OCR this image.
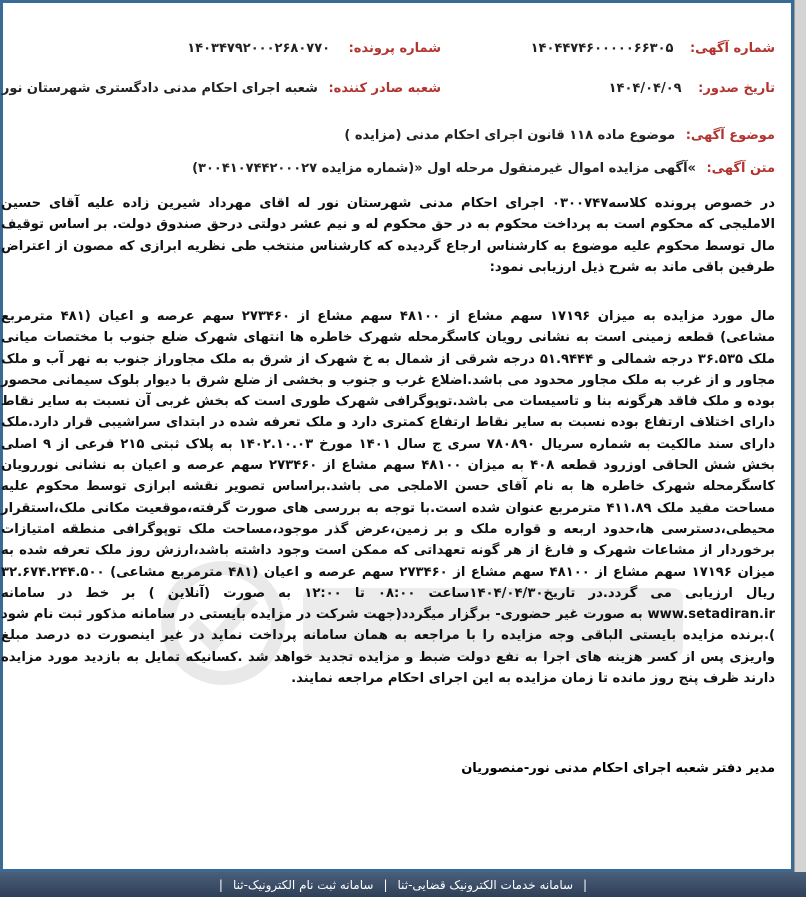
شماره آگهی: ۱۴۰۴۴۷۴۶۰۰۰۰۰۶۶۳۰۵
شماره پرونده: ۱۴۰۳۴۷۹۲۰۰۰۲۶۸۰۷۷۰
تاریخ صدور: ۱۴۰۴/۰۴/۰۹
شعبه صادر کننده: شعبه اجرای احکام مدنی دادگستری شهرستان نور
موضوع آگهی: موضوع ماده ۱۱۸ قانون اجرای احکام مدنی (مزایده )
متن آگهی: »آگهی مزایده اموال غیرمنقول مرحله اول «(شماره مزایده ۳۰۰۴۱۰۷۴۴۲۰۰۰۲۷)
در خصوص پرونده کلاسه۰۳۰۰۷۴۷ اجرای احکام مدنی شهرستان نور له اقای مهرداد شیرین زاده علیه آقای حسین الاملیجی که محکوم است به پرداخت محکوم به در حق محکوم له و نیم عشر دولتی درحق صندوق دولت. بر اساس توقیف مال توسط محکوم علیه موضوع به کارشناس ارجاع گردیده که کارشناس منتخب طی نظریه ابرازی که مصون از اعتراض طرفین باقی ماند به شرح ذیل ارزیابی نمود:
مال مورد مزایده به میزان ۱۷۱۹۶ سهم مشاع از ۴۸۱۰۰ سهم مشاع از ۲۷۳۴۶۰ سهم عرصه و اعیان (۴۸۱ مترمربع مشاعی) قطعه زمینی است به نشانی رویان کاسگرمحله شهرک خاطره ها انتهای شهرک ضلع جنوب با مختصات میانی ملک ۳۶.۵۳۵ درجه شمالی و ۵۱.۹۴۴۴ درجه شرقی از شمال به خ شهرک از شرق به ملک مجاوراز جنوب به نهر آب و ملک مجاور و از غرب به ملک مجاور محدود می باشد.اضلاع غرب و جنوب و بخشی از ضلع شرق با دیوار بلوک سیمانی محصور بوده و ملک فاقد هرگونه بنا و تاسیسات می باشد.توپوگرافی شهرک طوری است که بخش غربی آن نسبت به سایر نقاط دارای اختلاف ارتفاع بوده نسبت به سایر نقاط ارتفاع کمتری دارد و ملک تعرفه شده در ابتدای سراشیبی قرار دارد.ملک دارای سند مالکیت به شماره سریال ۷۸۰۸۹۰ سری ج سال ۱۴۰۱ مورخ ۱۴۰۲.۱۰.۰۳ به پلاک ثبتی ۲۱۵ فرعی از ۹ اصلی بخش شش الحاقی اوزرود قطعه ۴۰۸ به میزان ۴۸۱۰۰ سهم مشاع از ۲۷۳۴۶۰ سهم عرصه و اعیان به نشانی نوررویان کاسگرمحله شهرک خاطره ها به نام آقای حسن الاملجی می باشد.براساس تصویر نقشه ابرازی توسط محکوم علیه مساحت مفید ملک ۴۱۱.۸۹ مترمربع عنوان شده است.با توجه به بررسی های صورت گرفته،موقعیت مکانی ملک،استقرار محیطی،دسترسی ها،حدود اربعه و قواره ملک و بر زمین،عرض گذر موجود،مساحت ملک توپوگرافی منطقه امتیازات برخوردار از مشاعات شهرک و فارغ از هر گونه تعهداتی که ممکن است وجود داشته باشد،ارزش روز ملک تعرفه شده به میزان ۱۷۱۹۶ سهم مشاع از ۴۸۱۰۰ سهم مشاع از ۲۷۳۴۶۰ سهم عرصه و اعیان (۴۸۱ مترمربع مشاعی) ۳۲.۶۷۴.۲۴۴.۵۰۰ ریال ارزیابی می گردد.در تاریخ۱۴۰۴/۰۴/۳۰ساعت ۰۸:۰۰ تا ۱۲:۰۰ به صورت (آنلاین ) بر خط در سامانه www.setadiran.ir به صورت غیر حضوری- برگزار میگردد(جهت شرکت در مزایده بایستی در سامانه مذکور ثبت نام شود ).برنده مزایده بایستی الباقی وجه مزایده را با مراجعه به همان سامانه پرداخت نماید در غیر اینصورت ده درصد مبلغ واریزی پس از کسر هزینه های اجرا به نفع دولت ضبط و مزایده تجدید خواهد شد .کسانیکه تمایل به بازدید مورد مزایده دارند ظرف پنج روز مانده تا زمان مزایده به این اجرای احکام مراجعه نمایند.
مدیر دفتر شعبه اجرای احکام مدنی نور-منصوریان
|
سامانه خدمات الکترونیک قضایی-ثنا
|
سامانه ثبت نام الکترونیک-ثنا
|
